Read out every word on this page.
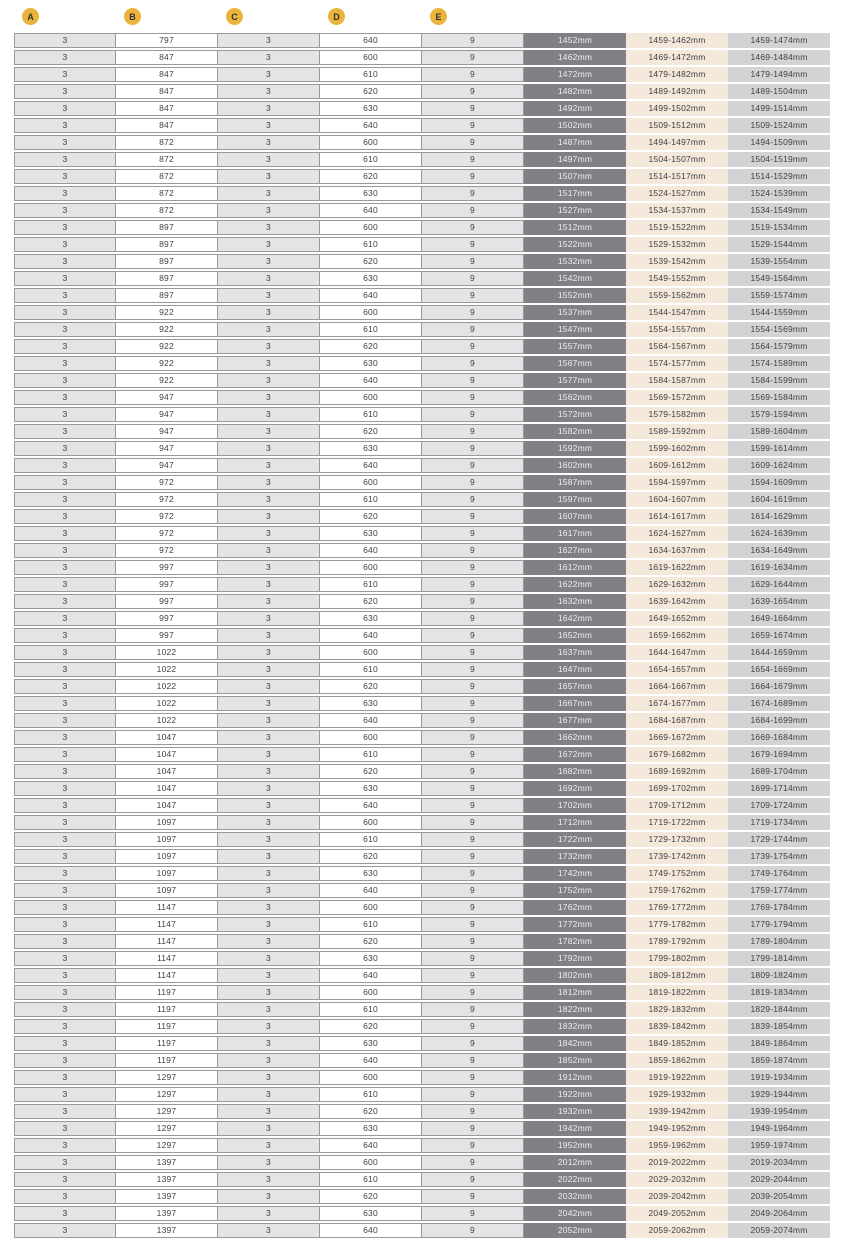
A	B	C	D	E
3	797	3	640	9	1452mm	1459-1462mm	1459-1474mm
3	847	3	600	9	1462mm	1469-1472mm	1469-1484mm
3	847	3	610	9	1472mm	1479-1482mm	1479-1494mm
3	847	3	620	9	1482mm	1489-1492mm	1489-1504mm
3	847	3	630	9	1492mm	1499-1502mm	1499-1514mm
3	847	3	640	9	1502mm	1509-1512mm	1509-1524mm
3	872	3	600	9	1487mm	1494-1497mm	1494-1509mm
3	872	3	610	9	1497mm	1504-1507mm	1504-1519mm
3	872	3	620	9	1507mm	1514-1517mm	1514-1529mm
3	872	3	630	9	1517mm	1524-1527mm	1524-1539mm
3	872	3	640	9	1527mm	1534-1537mm	1534-1549mm
3	897	3	600	9	1512mm	1519-1522mm	1519-1534mm
3	897	3	610	9	1522mm	1529-1532mm	1529-1544mm
3	897	3	620	9	1532mm	1539-1542mm	1539-1554mm
3	897	3	630	9	1542mm	1549-1552mm	1549-1564mm
3	897	3	640	9	1552mm	1559-1562mm	1559-1574mm
3	922	3	600	9	1537mm	1544-1547mm	1544-1559mm
3	922	3	610	9	1547mm	1554-1557mm	1554-1569mm
3	922	3	620	9	1557mm	1564-1567mm	1564-1579mm
3	922	3	630	9	1567mm	1574-1577mm	1574-1589mm
3	922	3	640	9	1577mm	1584-1587mm	1584-1599mm
3	947	3	600	9	1562mm	1569-1572mm	1569-1584mm
3	947	3	610	9	1572mm	1579-1582mm	1579-1594mm
3	947	3	620	9	1582mm	1589-1592mm	1589-1604mm
3	947	3	630	9	1592mm	1599-1602mm	1599-1614mm
3	947	3	640	9	1602mm	1609-1612mm	1609-1624mm
3	972	3	600	9	1587mm	1594-1597mm	1594-1609mm
3	972	3	610	9	1597mm	1604-1607mm	1604-1619mm
3	972	3	620	9	1607mm	1614-1617mm	1614-1629mm
3	972	3	630	9	1617mm	1624-1627mm	1624-1639mm
3	972	3	640	9	1627mm	1634-1637mm	1634-1649mm
3	997	3	600	9	1612mm	1619-1622mm	1619-1634mm
3	997	3	610	9	1622mm	1629-1632mm	1629-1644mm
3	997	3	620	9	1632mm	1639-1642mm	1639-1654mm
3	997	3	630	9	1642mm	1649-1652mm	1649-1664mm
3	997	3	640	9	1652mm	1659-1662mm	1659-1674mm
3	1022	3	600	9	1637mm	1644-1647mm	1644-1659mm
3	1022	3	610	9	1647mm	1654-1657mm	1654-1669mm
3	1022	3	620	9	1657mm	1664-1667mm	1664-1679mm
3	1022	3	630	9	1667mm	1674-1677mm	1674-1689mm
3	1022	3	640	9	1677mm	1684-1687mm	1684-1699mm
3	1047	3	600	9	1662mm	1669-1672mm	1669-1684mm
3	1047	3	610	9	1672mm	1679-1682mm	1679-1694mm
3	1047	3	620	9	1682mm	1689-1692mm	1689-1704mm
3	1047	3	630	9	1692mm	1699-1702mm	1699-1714mm
3	1047	3	640	9	1702mm	1709-1712mm	1709-1724mm
3	1097	3	600	9	1712mm	1719-1722mm	1719-1734mm
3	1097	3	610	9	1722mm	1729-1732mm	1729-1744mm
3	1097	3	620	9	1732mm	1739-1742mm	1739-1754mm
3	1097	3	630	9	1742mm	1749-1752mm	1749-1764mm
3	1097	3	640	9	1752mm	1759-1762mm	1759-1774mm
3	1147	3	600	9	1762mm	1769-1772mm	1769-1784mm
3	1147	3	610	9	1772mm	1779-1782mm	1779-1794mm
3	1147	3	620	9	1782mm	1789-1792mm	1789-1804mm
3	1147	3	630	9	1792mm	1799-1802mm	1799-1814mm
3	1147	3	640	9	1802mm	1809-1812mm	1809-1824mm
3	1197	3	600	9	1812mm	1819-1822mm	1819-1834mm
3	1197	3	610	9	1822mm	1829-1832mm	1829-1844mm
3	1197	3	620	9	1832mm	1839-1842mm	1839-1854mm
3	1197	3	630	9	1842mm	1849-1852mm	1849-1864mm
3	1197	3	640	9	1852mm	1859-1862mm	1859-1874mm
3	1297	3	600	9	1912mm	1919-1922mm	1919-1934mm
3	1297	3	610	9	1922mm	1929-1932mm	1929-1944mm
3	1297	3	620	9	1932mm	1939-1942mm	1939-1954mm
3	1297	3	630	9	1942mm	1949-1952mm	1949-1964mm
3	1297	3	640	9	1952mm	1959-1962mm	1959-1974mm
3	1397	3	600	9	2012mm	2019-2022mm	2019-2034mm
3	1397	3	610	9	2022mm	2029-2032mm	2029-2044mm
3	1397	3	620	9	2032mm	2039-2042mm	2039-2054mm
3	1397	3	630	9	2042mm	2049-2052mm	2049-2064mm
3	1397	3	640	9	2052mm	2059-2062mm	2059-2074mm
